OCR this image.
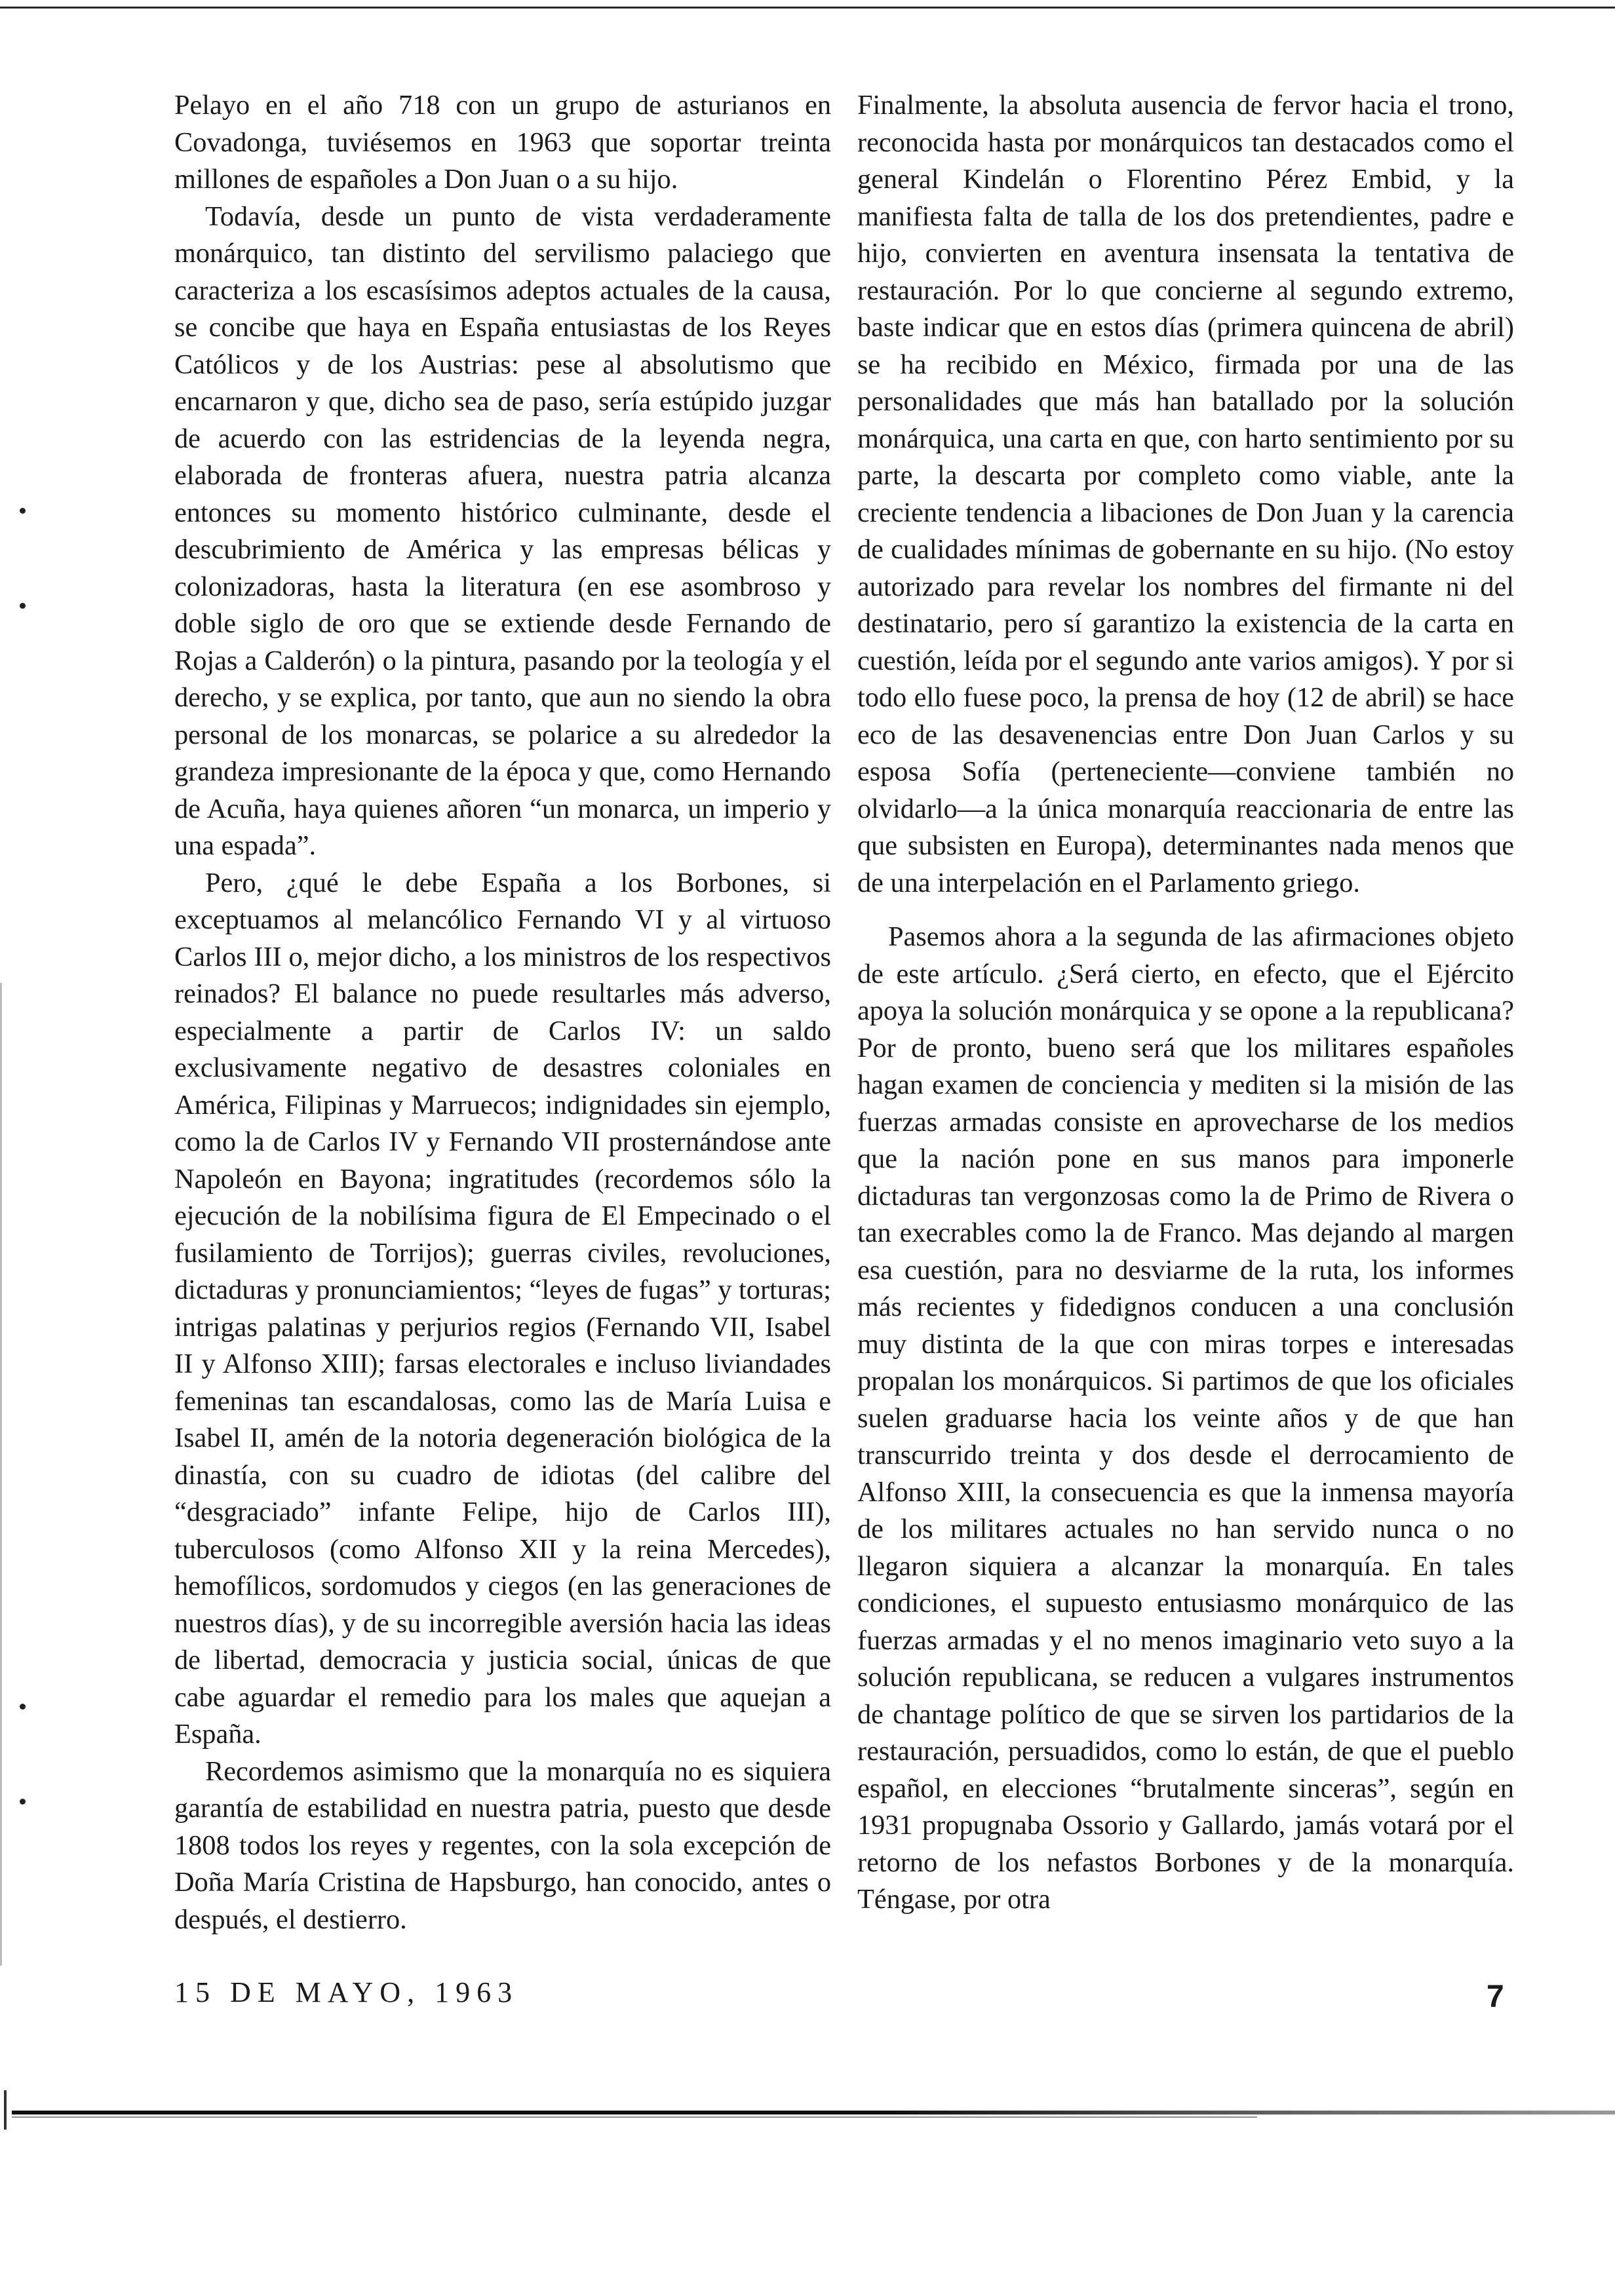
Pelayo en el año 718 con un grupo de asturianos en Covadonga, tuviésemos en 1963 que soportar treinta millones de españoles a Don Juan o a su hijo.

Todavía, desde un punto de vista verdaderamente monárquico, tan distinto del servilismo palaciego que caracteriza a los escasísimos adeptos actuales de la causa, se concibe que haya en España entusiastas de los Reyes Católicos y de los Austrias: pese al absolutismo que encarnaron y que, dicho sea de paso, sería estúpido juzgar de acuerdo con las estridencias de la leyenda negra, elaborada de fronteras afuera, nuestra patria alcanza entonces su momento histórico culminante, desde el descubrimiento de América y las empresas bélicas y colonizadoras, hasta la literatura (en ese asombroso y doble siglo de oro que se extiende desde Fernando de Rojas a Calderón) o la pintura, pasando por la teología y el derecho, y se explica, por tanto, que aun no siendo la obra personal de los monarcas, se polarice a su alrededor la grandeza impresionante de la época y que, como Hernando de Acuña, haya quienes añoren “un monarca, un imperio y una espada”.

Pero, ¿qué le debe España a los Borbones, si exceptuamos al melancólico Fernando VI y al virtuoso Carlos III o, mejor dicho, a los ministros de los respectivos reinados? El balance no puede resultarles más adverso, especialmente a partir de Carlos IV: un saldo exclusivamente negativo de desastres coloniales en América, Filipinas y Marruecos; indignidades sin ejemplo, como la de Carlos IV y Fernando VII prosternándose ante Napoleón en Bayona; ingratitudes (recordemos sólo la ejecución de la nobilísima figura de El Empecinado o el fusilamiento de Torrijos); guerras civiles, revoluciones, dictaduras y pronunciamientos; “leyes de fugas” y torturas; intrigas palatinas y perjurios regios (Fernando VII, Isabel II y Alfonso XIII); farsas electorales e incluso liviandades femeninas tan escandalosas, como las de María Luisa e Isabel II, amén de la notoria degeneración biológica de la dinastía, con su cuadro de idiotas (del calibre del “desgraciado” infante Felipe, hijo de Carlos III), tuberculosos (como Alfonso XII y la reina Mercedes), hemofílicos, sordomudos y ciegos (en las generaciones de nuestros días), y de su incorregible aversión hacia las ideas de libertad, democracia y justicia social, únicas de que cabe aguardar el remedio para los males que aquejan a España.

Recordemos asimismo que la monarquía no es siquiera garantía de estabilidad en nuestra patria, puesto que desde 1808 todos los reyes y regentes, con la sola excepción de Doña María Cristina de Hapsburgo, han conocido, antes o después, el destierro.

Finalmente, la absoluta ausencia de fervor hacia el trono, reconocida hasta por monárquicos tan destacados como el general Kindelán o Florentino Pérez Embid, y la manifiesta falta de talla de los dos pretendientes, padre e hijo, convierten en aventura insensata la tentativa de restauración. Por lo que concierne al segundo extremo, baste indicar que en estos días (primera quincena de abril) se ha recibido en México, firmada por una de las personalidades que más han batallado por la solución monárquica, una carta en que, con harto sentimiento por su parte, la descarta por completo como viable, ante la creciente tendencia a libaciones de Don Juan y la carencia de cualidades mínimas de gobernante en su hijo. (No estoy autorizado para revelar los nombres del firmante ni del destinatario, pero sí garantizo la existencia de la carta en cuestión, leída por el segundo ante varios amigos). Y por si todo ello fuese poco, la prensa de hoy (12 de abril) se hace eco de las desavenencias entre Don Juan Carlos y su esposa Sofía (perteneciente—conviene también no olvidarlo—a la única monarquía reaccionaria de entre las que subsisten en Europa), determinantes nada menos que de una interpelación en el Parlamento griego.

Pasemos ahora a la segunda de las afirmaciones objeto de este artículo. ¿Será cierto, en efecto, que el Ejército apoya la solución monárquica y se opone a la republicana? Por de pronto, bueno será que los militares españoles hagan examen de conciencia y mediten si la misión de las fuerzas armadas consiste en aprovecharse de los medios que la nación pone en sus manos para imponerle dictaduras tan vergonzosas como la de Primo de Rivera o tan execrables como la de Franco. Mas dejando al margen esa cuestión, para no desviarme de la ruta, los informes más recientes y fidedignos conducen a una conclusión muy distinta de la que con miras torpes e interesadas propalan los monárquicos. Si partimos de que los oficiales suelen graduarse hacia los veinte años y de que han transcurrido treinta y dos desde el derrocamiento de Alfonso XIII, la consecuencia es que la inmensa mayoría de los militares actuales no han servido nunca o no llegaron siquiera a alcanzar la monarquía. En tales condiciones, el supuesto entusiasmo monárquico de las fuerzas armadas y el no menos imaginario veto suyo a la solución republicana, se reducen a vulgares instrumentos de chantage político de que se sirven los partidarios de la restauración, persuadidos, como lo están, de que el pueblo español, en elecciones “brutalmente sinceras”, según en 1931 propugnaba Ossorio y Gallardo, jamás votará por el retorno de los nefastos Borbones y de la monarquía. Téngase, por otra

15 DE MAYO, 1963	7
